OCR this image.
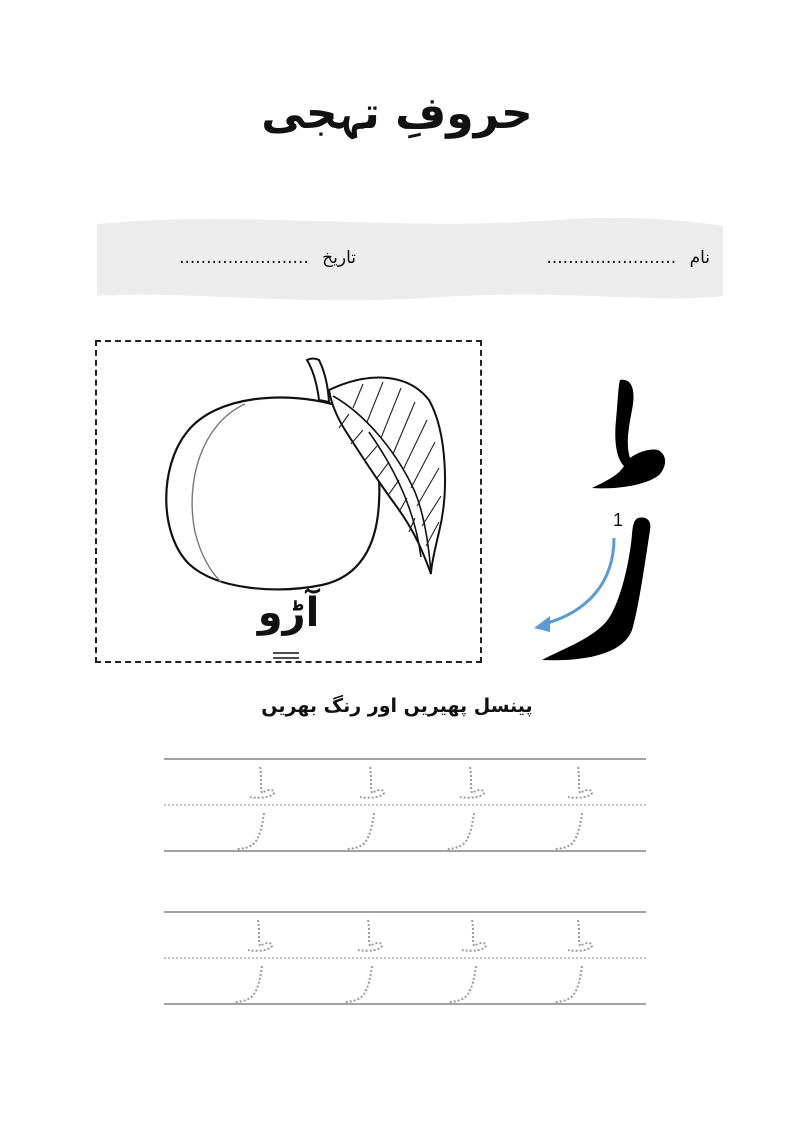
حروفِ تہجی
نام ........................
تاریخ ........................
آڑو
1
پینسل پھیریں اور رنگ بھریں
